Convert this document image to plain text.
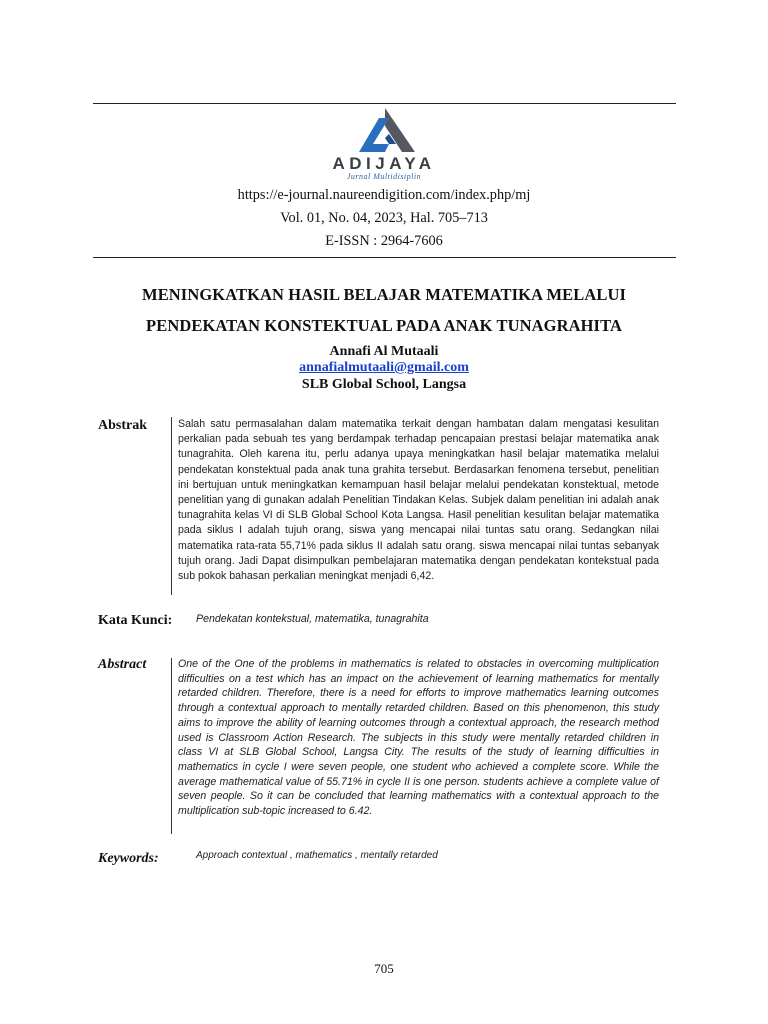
ADIJAYA
Jurnal Multidisiplin
https://e-journal.naureendigition.com/index.php/mj
Vol. 01, No. 04, 2023, Hal. 705–713
E-ISSN : 2964-7606
MENINGKATKAN HASIL BELAJAR MATEMATIKA MELALUI
PENDEKATAN KONSTEKTUAL PADA ANAK TUNAGRAHITA
Annafi Al Mutaali
annafialmutaali@gmail.com
SLB Global School, Langsa
Abstrak	Salah satu permasalahan dalam matematika terkait dengan hambatan dalam mengatasi kesulitan perkalian pada sebuah tes yang berdampak terhadap pencapaian prestasi belajar matematika anak tunagrahita. Oleh karena itu, perlu adanya upaya meningkatkan hasil belajar matematika melalui pendekatan konstektual pada anak tuna grahita tersebut. Berdasarkan fenomena tersebut, penelitian ini bertujuan untuk meningkatkan kemampuan hasil belajar melalui pendekatan konstektual, metode penelitian yang di gunakan adalah Penelitian Tindakan Kelas. Subjek dalam penelitian ini adalah anak tunagrahita kelas VI di SLB Global School Kota Langsa. Hasil penelitian kesulitan belajar matematika pada siklus I adalah tujuh orang, siswa yang mencapai nilai tuntas satu orang. Sedangkan nilai matematika rata-rata 55,71% pada siklus II adalah satu orang. siswa mencapai nilai tuntas sebanyak tujuh orang. Jadi Dapat disimpulkan pembelajaran matematika dengan pendekatan kontekstual pada sub pokok bahasan perkalian meningkat menjadi 6,42.
Kata Kunci: Pendekatan kontekstual, matematika, tunagrahita
Abstract	One of the One of the problems in mathematics is related to obstacles in overcoming multiplication difficulties on a test which has an impact on the achievement of learning mathematics for mentally retarded children. Therefore, there is a need for efforts to improve mathematics learning outcomes through a contextual approach to mentally retarded children. Based on this phenomenon, this study aims to improve the ability of learning outcomes through a contextual approach, the research method used is Classroom Action Research. The subjects in this study were mentally retarded children in class VI at SLB Global School, Langsa City. The results of the study of learning difficulties in mathematics in cycle I were seven people, one student who achieved a complete score. While the average mathematical value of 55.71% in cycle II is one person. students achieve a complete value of seven people. So it can be concluded that learning mathematics with a contextual approach to the multiplication sub-topic increased to 6.42.
Keywords:	Approach contextual , mathematics , mentally retarded
705
